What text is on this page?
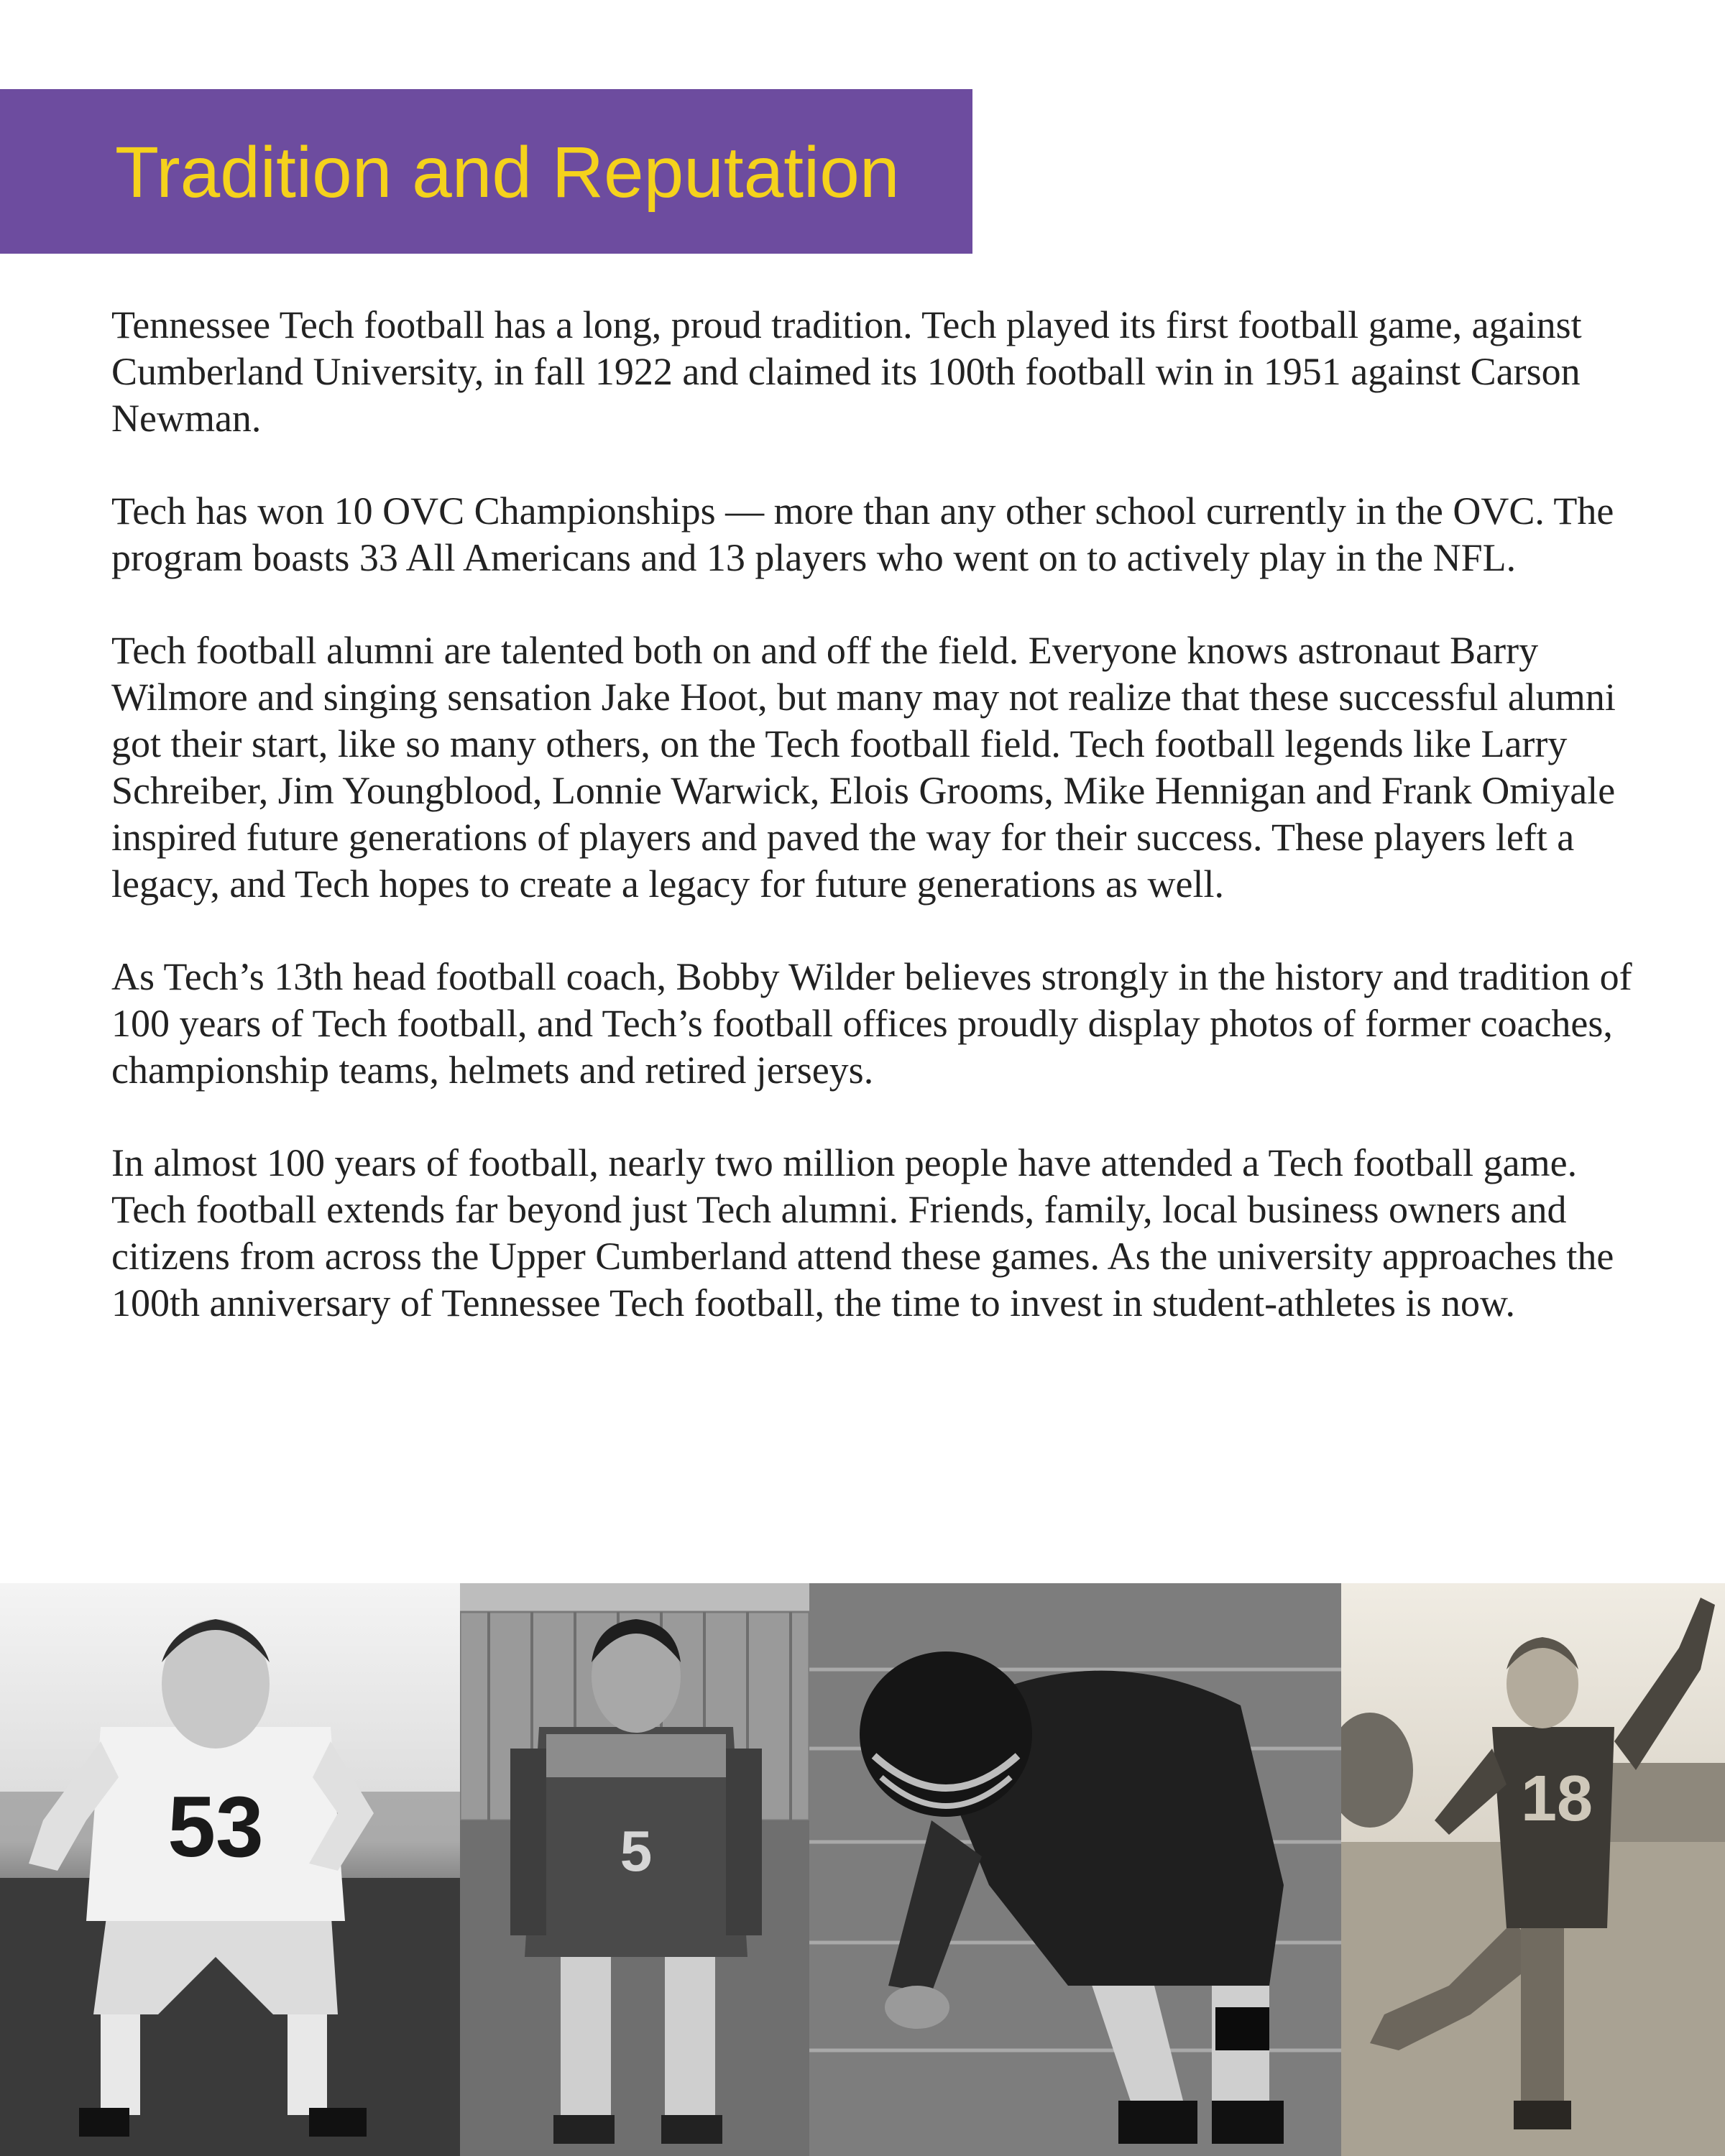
Tradition and Reputation

Tennessee Tech football has a long, proud tradition. Tech played its first football game, against Cumberland University, in fall 1922 and claimed its 100th football win in 1951 against Carson Newman.

Tech has won 10 OVC Championships — more than any other school currently in the OVC. The program boasts 33 All Americans and 13 players who went on to actively play in the NFL.

Tech football alumni are talented both on and off the field. Everyone knows astronaut Barry Wilmore and singing sensation Jake Hoot, but many may not realize that these successful alumni got their start, like so many others, on the Tech football field. Tech football legends like Larry Schreiber, Jim Youngblood, Lonnie Warwick, Elois Grooms, Mike Hennigan and Frank Omiyale inspired future generations of players and paved the way for their success. These players left a legacy, and Tech hopes to create a legacy for future generations as well.

As Tech’s 13th head football coach, Bobby Wilder believes strongly in the history and tradition of 100 years of Tech football, and Tech’s football offices proudly display photos of former coaches, championship teams, helmets and retired jerseys.

In almost 100 years of football, nearly two million people have attended a Tech football game. Tech football extends far beyond just Tech alumni. Friends, family, local business owners and citizens from across the Upper Cumberland attend these games. As the university approaches the 100th anniversary of Tennessee Tech football, the time to invest in student-athletes is now.

53	5
18
